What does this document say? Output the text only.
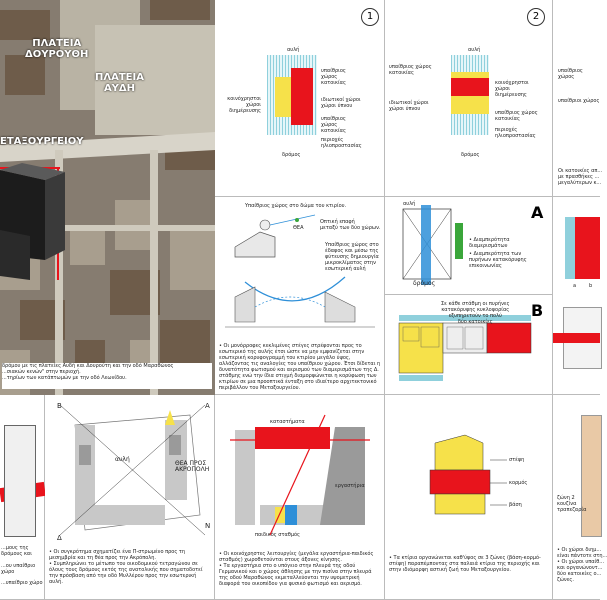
ΠΛΑΤΕΙΑ
ΔΟΥΡΟΥΘΗ
ΠΛΑΤΕΙΑ
ΑΥΔΗ
ΕΤΑΞΟΥΡΓΕΙΟΥ
δρόμου με τις πλατείες Αυδή και Δουρούτη και την οδό Μαραθώνος
...σιακών κενών" στην περιοχή.
...τηρίων των κατάπτωμών με την οδό Λεωνίδου.
1
αυλή
δρόμος
κοινόχρηστοι
χώροι
διημέρευσης
υπαίθριος
χώρος
κατοικίας
ιδιωτικοί χώροι
χώροι ύπνου
υπαίθριος
χώρος
κατοικίας
περιοχές
ηλιοπροστασίας
2
αυλή
δρόμος
υπαίθριος χώρος
κατοικίας
ιδιωτικοί χώροι
χώροι ύπνου
κοινόχρηστοι
χώροι
διημέρευσης
υπαίθριος χώρος
κατοικίας
περιοχές
ηλιοπροστασίας
υπαίθριος
χώρος
υπαίθριοι χώρος
Οι κατοικίες απ...
με πρασθήκες ...
μεγαλύτερων κ...
Υπαίθριος χώρος στο δώμα του κτιρίου.
Οπτική επαφή
μεταξύ των δύο χώρων.
Υπαίθριος χώρος στο
έδαφος και μέσω της
φύτευσης δημιουργία
μικροκλίματος στην
εσωτερική αυλή
ΘΕΑ
• Οι μονόρροφες κεκλιμένες στέγες στρέφονται προς το εσωτερικό της αυλής έτσι ώστε να μην εμφανίζεται στην εσωτερική κορυφογραμμή του κτιρίου μεγάλο ύψος, αλλάζοντας τις αναλογίες του υπαίθριου χώρου. Έτσι δίδεται η δυνατότητα φωτισμού και αερισμού των διαμερισμάτων της Δ. στάθμης ενώ την ίδια στιγμή διαμορφώνεται η κορύφωση των κτιρίων σε μια προοπτικά ένταξη στο ιδιαίτερο αρχιτεκτονικό περιβάλλον του Μεταξουργείου.
αυλή
δρόμος
A
• Διαμπερότητα
διαμερισμάτων
• Διαμπερότητα των
πυρήνων κατακόρυφης
επικοινωνίας
B
Σε κάθε στάθμη οι πυρήνες
κατακόρυφης κυκλοφορίας
εξυπηρετούν το πολύ
δύο κατοικίες
a	b
...μους της δρόμους και
...ου υπαίθριο χώρο
...υπαίθριο χώρο
αυλή
ΘΕΑ ΠΡΟΣ
ΑΚΡΟΠΟΛΗ
B	A
Δ
N
• Οι συγκρότημα σχηματίζει ένα Π-στρωμένο προς τη μεσημβρία και τη θέα προς την Ακρόπολη.
• Συμπληρώνει το μέτωπο του οικοδομικού τετραγώνου σε όλους τους δρόμους εκτός της ανατολικής που σηματοδοτεί την πρόσβαση από την οδό Μυλλέρου προς την εσωτερική αυλή.
καταστήματα
εργαστήρια
παιδικός σταθμός
• Οι κοινόχρηστες λειτουργίες (μεγάλα εργαστήρια-παιδικός σταθμός) χωροθετούνται στους άξονες κίνησης.
• Τα εργαστήρια στο ο υπόγειο στην πλευρά της οδού Γερμανικού και ο χώρος άθλησης με την πισίνα στην πλευρά της οδού Μαραθώνος εκμεταλλεύονται την υψομετρική διαφορά του οικοπέδου για φυσικό φωτισμό και αερισμό.
στέψη
κορμός
βάση
• Τα κτίρια οργανώνεται καθ'ύψος σε 3 ζώνες (βάση-κορμό-στέψη) παραπέμποντας στα παλαιά κτίρια της περιοχής και στην ιδιόμορφη αστική ζωή του Μεταξουργείου.
ζώνη 2
κουζίνα
τραπεζαρία
• Οι χώροι διημ...
είναι πάντοτε στη...
• Οι χώροι υπαίθ...
και οργανώνοντ...
δύο κατοικίες ο...
ζώνες.
